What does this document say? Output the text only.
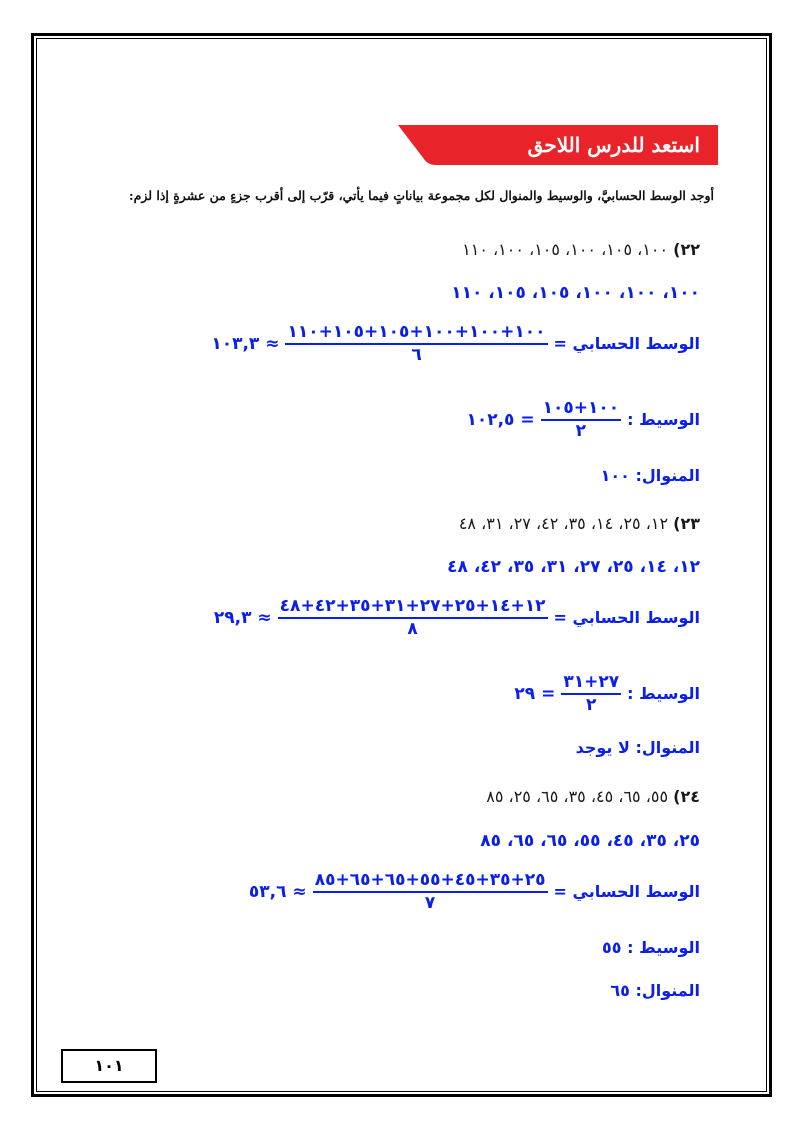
استعد للدرس اللاحق
أوجد الوسط الحسابيَّ، والوسيط والمنوال لكل مجموعة بياناتٍ فيما يأتي، قرّب إلى أقرب جزءٍ من عشرةٍ إذا لزم:
٢٢) ١٠٠، ١٠٥، ١٠٠، ١٠٥، ١٠٠، ١١٠
١٠٠، ١٠٠، ١٠٠، ١٠٥، ١٠٥، ١١٠
الوسط الحسابي =
$\frac{١٠٠+١٠٠+١٠٠+١٠٥+١٠٥+١١٠}{٦}$
≈ ١٠٣,٣
الوسيط :
$\frac{١٠٠+١٠٥}{٢}$
= ١٠٢,٥
المنوال: ١٠٠
٢٣) ١٢، ٢٥، ١٤، ٣٥، ٤٢، ٢٧، ٣١، ٤٨
١٢، ١٤، ٢٥، ٢٧، ٣١، ٣٥، ٤٢، ٤٨
الوسط الحسابي =
$\frac{١٢+١٤+٢٥+٢٧+٣١+٣٥+٤٢+٤٨}{٨}$
≈ ٢٩,٣
الوسيط :
$\frac{٢٧+٣١}{٢}$
= ٢٩
المنوال: لا يوجد
٢٤) ٥٥، ٦٥، ٤٥، ٣٥، ٦٥، ٢٥، ٨٥
٢٥، ٣٥، ٤٥، ٥٥، ٦٥، ٦٥، ٨٥
الوسط الحسابي =
$\frac{٢٥+٣٥+٤٥+٥٥+٦٥+٦٥+٨٥}{٧}$
≈ ٥٣,٦
الوسيط : ٥٥
المنوال: ٦٥
١٠١
